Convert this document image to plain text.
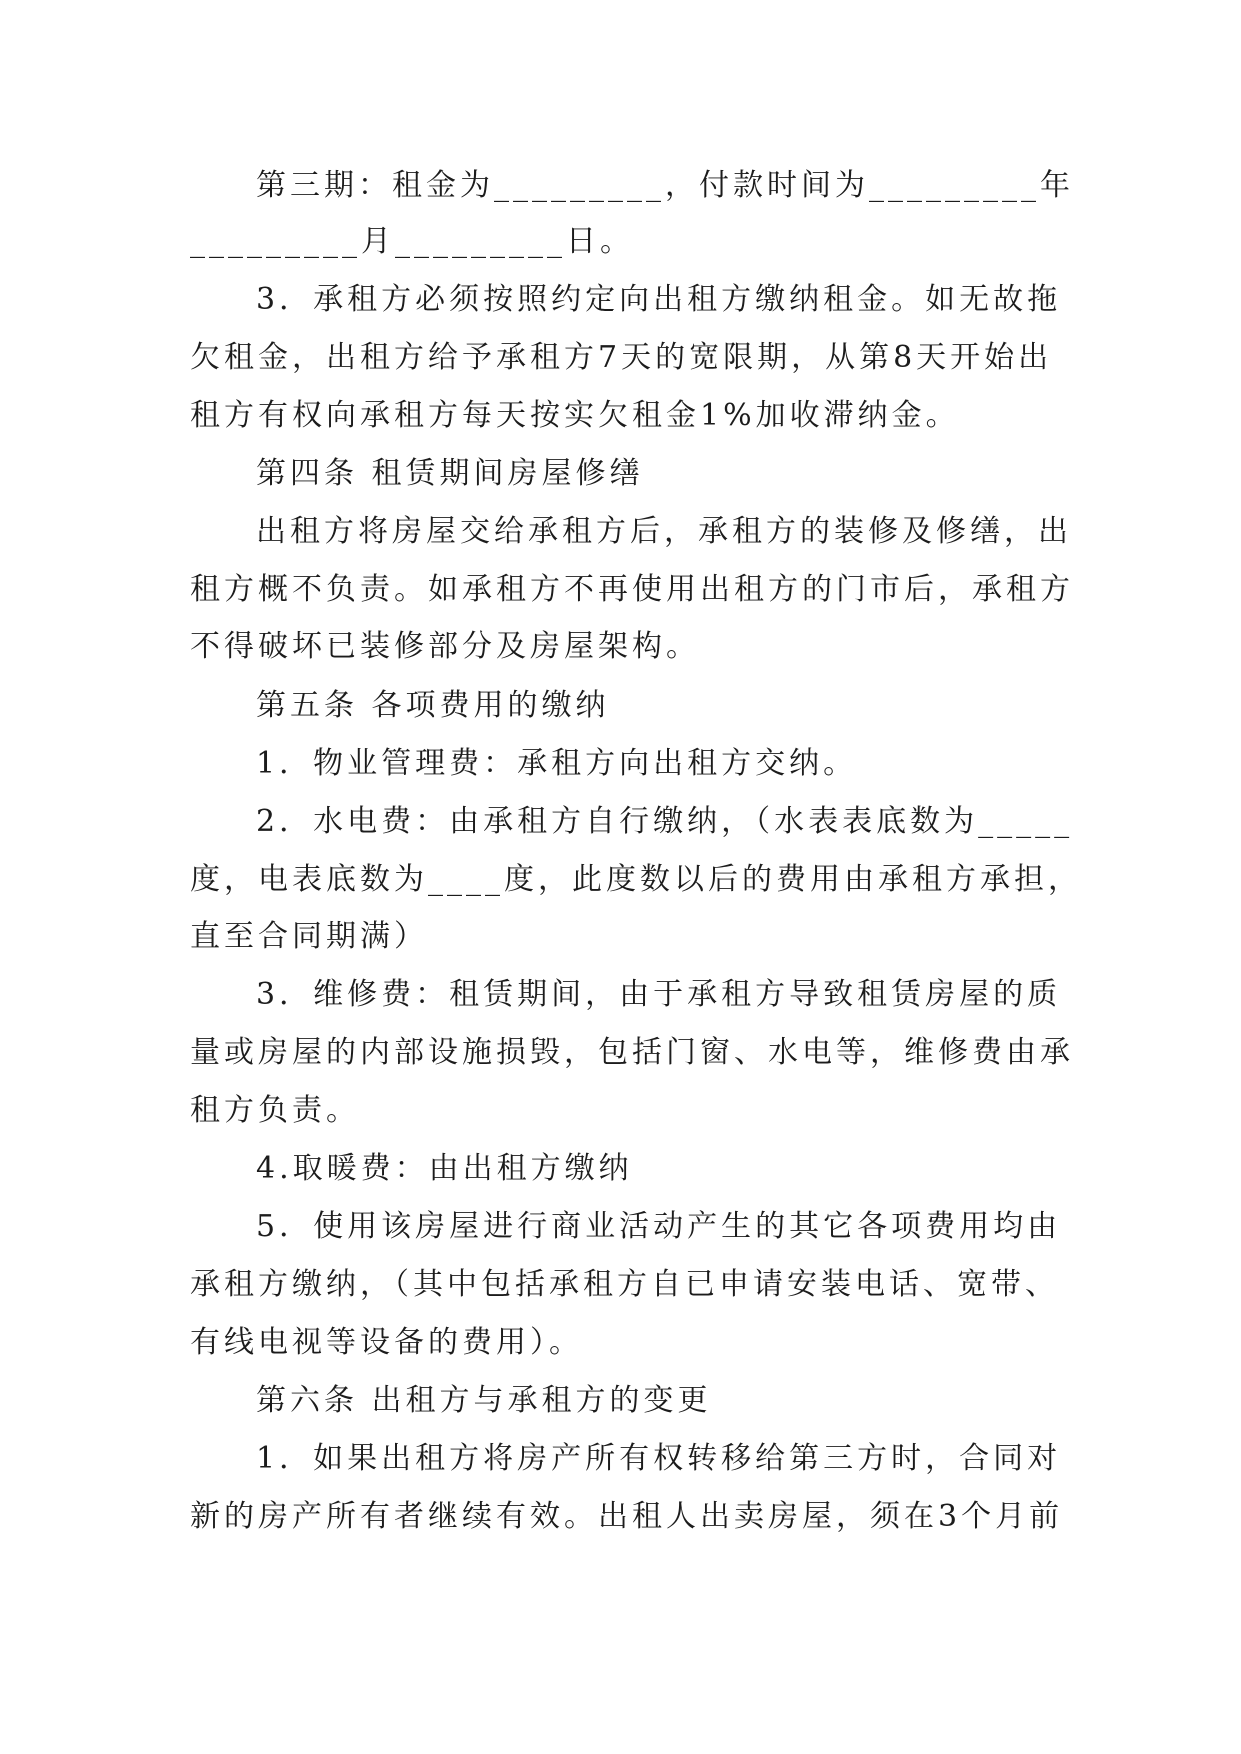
第三期：租金为_________，付款时间为_________年
_________月_________日。
3．承租方必须按照约定向出租方缴纳租金。如无故拖
欠租金，出租方给予承租方7天的宽限期，从第8天开始出
租方有权向承租方每天按实欠租金1%加收滞纳金。
第四条 租赁期间房屋修缮
出租方将房屋交给承租方后，承租方的装修及修缮，出
租方概不负责。如承租方不再使用出租方的门市后，承租方
不得破坏已装修部分及房屋架构。
第五条 各项费用的缴纳
1．物业管理费：承租方向出租方交纳。
2．水电费：由承租方自行缴纳，（水表表底数为_____
度，电表底数为____度，此度数以后的费用由承租方承担，
直至合同期满）
3．维修费：租赁期间，由于承租方导致租赁房屋的质
量或房屋的内部设施损毁，包括门窗、水电等，维修费由承
租方负责。
4.取暖费：由出租方缴纳
5．使用该房屋进行商业活动产生的其它各项费用均由
承租方缴纳，（其中包括承租方自已申请安装电话、宽带、
有线电视等设备的费用）。
第六条 出租方与承租方的变更
1．如果出租方将房产所有权转移给第三方时，合同对
新的房产所有者继续有效。出租人出卖房屋，须在3个月前
